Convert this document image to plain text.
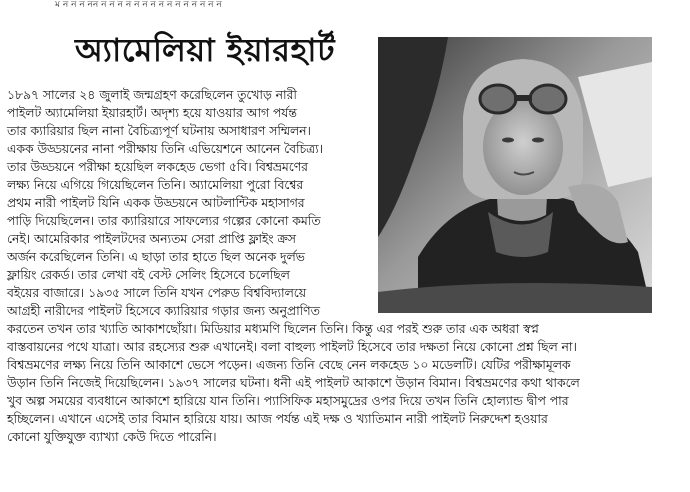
ম ন ন ন নন ন ন ন ন ন ন ন ন ন ন ন ন ন ন ন
অ্যামেলিয়া ইয়ারহার্ট
১৮৯৭ সালের ২৪ জুলাই জন্মগ্রহণ করেছিলেন তুখোড় নারী
পাইলট অ্যামেলিয়া ইয়ারহার্ট। অদৃশ্য হয়ে যাওয়ার আগ পর্যন্ত
তার ক্যারিয়ার ছিল নানা বৈচিত্র্যপূর্ণ ঘটনায় অসাধারণ সম্মিলন।
একক উড্ডয়নের নানা পরীক্ষায় তিনি এভিয়েশনে আনেন বৈচিত্র্য।
তার উড্ডয়নে পরীক্ষা হয়েছিল লকহেড ভেগা ৫বি। বিশ্বভ্রমণের
লক্ষ্য নিয়ে এগিয়ে গিয়েছিলেন তিনি। অ্যামেলিয়া পুরো বিশ্বের
প্রথম নারী পাইলট যিনি একক উড্ডয়নে আটলান্টিক মহাসাগর
পাড়ি দিয়েছিলেন। তার ক্যারিয়ারে সাফল্যের গল্পের কোনো কমতি
নেই। আমেরিকার পাইলটদের অন্যতম সেরা প্রাপ্তি ফ্লাইং ক্রস
অর্জন করেছিলেন তিনি। এ ছাড়া তার হাতে ছিল অনেক দুর্লভ
ফ্লায়িং রেকর্ড। তার লেখা বই বেস্ট সেলিং হিসেবে চলেছিল
বইয়ের বাজারে। ১৯৩৫ সালে তিনি যখন পেরুড বিশ্ববিদ্যালয়ে
আগ্রহী নারীদের পাইলট হিসেবে ক্যারিয়ার গড়ার জন্য অনুপ্রাণিত
করতেন তখন তার খ্যাতি আকাশছোঁয়া। মিডিয়ার মধ্যমণি ছিলেন তিনি। কিন্তু এর পরই শুরু তার এক অধরা স্বপ্ন
বাস্তবায়নের পথে যাত্রা। আর রহস্যের শুরু এখানেই। বলা বাহুল্য পাইলট হিসেবে তার দক্ষতা নিয়ে কোনো প্রশ্ন ছিল না।
বিশ্বভ্রমণের লক্ষ্য নিয়ে তিনি আকাশে ভেসে পড়েন। এজন্য তিনি বেছে নেন লকহেড ১০ মডেলটি। যেটির পরীক্ষামূলক
উড়ান তিনি নিজেই দিয়েছিলেন। ১৯৩৭ সালের ঘটনা। ধনী এই পাইলট আকাশে উড়ান বিমান। বিশ্বভ্রমণের কথা থাকলে
খুব অল্প সময়ের ব্যবধানে আকাশে হারিয়ে যান তিনি। প্যাসিফিক মহাসমুদ্রের ওপর দিয়ে তখন তিনি হোল্যান্ড দ্বীপ পার
হচ্ছিলেন। এখানে এসেই তার বিমান হারিয়ে যায়। আজ পর্যন্ত এই দক্ষ ও খ্যাতিমান নারী পাইলট নিরুদ্দেশ হওয়ার
কোনো যুক্তিযুক্ত ব্যাখ্যা কেউ দিতে পারেনি।
